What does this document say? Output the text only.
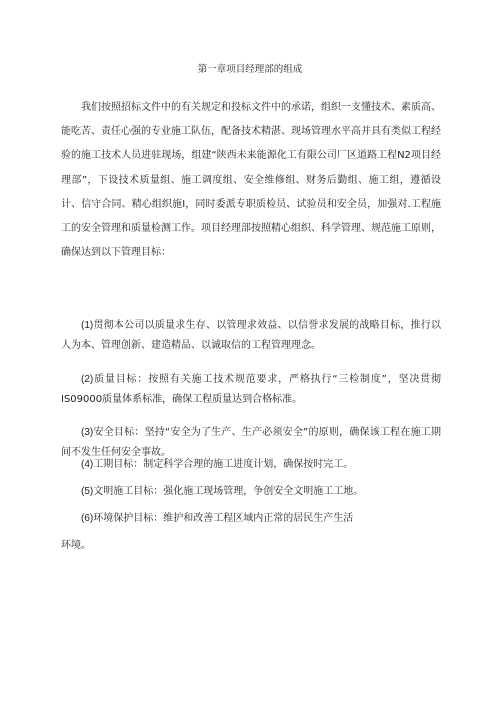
第一章项目经理部的组成

我们按照招标文件中的有关规定和投标文件中的承诺，组织一支懂技术、素质高、能吃苦、责任心强的专业施工队伍，配备技术精湛、现场管理水平高并具有类似工程经验的施工技术人员进驻现场，组建“陕西未来能源化工有限公司厂区道路工程N2项目经理部”，下设技术质量组、施工调度组、安全维修组、财务后勤组、施工组，遵循设计、信守合同、精心组织施I，同时委派专职质检员、试验员和安全员，加强对.工程施工的安全管理和质量检测工作。项目经理部按照精心组织、科学管理、规范施工原则，确保达到以下管理目标：

(1)贯彻本公司以质量求生存、以管理求效益、以信誉求发展的战略目标，推行以人为本、管理创新、建造精品、以诚取信的工程管理理念。

(2)质量目标：按照有关施工技术规范要求，严格执行“三检制度”，坚决贯彻IS09000质量体系标准，确保工程质量达到合格标准。

(3)安全目标：坚持“安全为了生产、生产必须安全”的原则，确保该工程在施工期间不发生任何安全事故。

(4)工期目标：制定科学合理的施工进度计划，确保按时完工。

(5)文明施工目标：强化施工现场管理，争创安全文明施工工地。

(6)环境保护目标：维护和改善工程区域内正常的居民生产生活

环境。
